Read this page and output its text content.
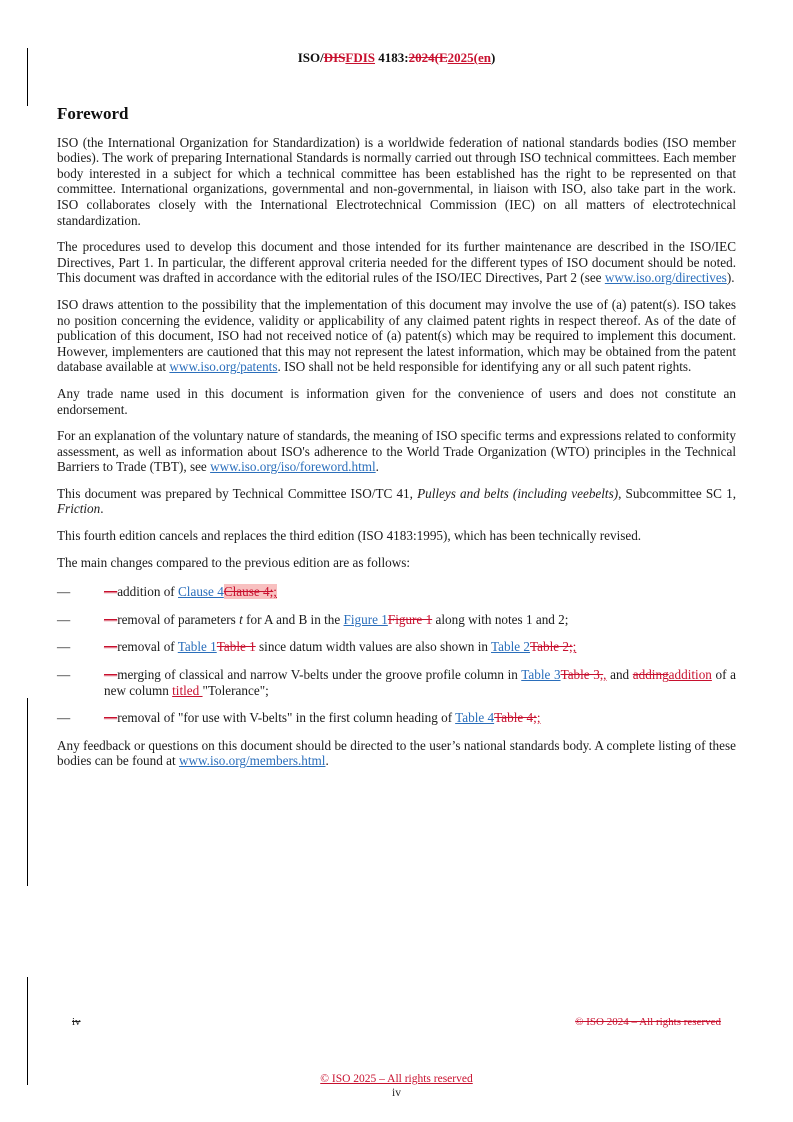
ISO/DISFDIS 4183:2024(E2025(en)
Foreword

ISO (the International Organization for Standardization) is a worldwide federation of national standards bodies (ISO member bodies). The work of preparing International Standards is normally carried out through ISO technical committees. Each member body interested in a subject for which a technical committee has been established has the right to be represented on that committee. International organizations, governmental and non-governmental, in liaison with ISO, also take part in the work. ISO collaborates closely with the International Electrotechnical Commission (IEC) on all matters of electrotechnical standardization.

The procedures used to develop this document and those intended for its further maintenance are described in the ISO/IEC Directives, Part 1. In particular, the different approval criteria needed for the different types of ISO document should be noted. This document was drafted in accordance with the editorial rules of the ISO/IEC Directives, Part 2 (see www.iso.org/directives).

ISO draws attention to the possibility that the implementation of this document may involve the use of (a) patent(s). ISO takes no position concerning the evidence, validity or applicability of any claimed patent rights in respect thereof. As of the date of publication of this document, ISO had not received notice of (a) patent(s) which may be required to implement this document. However, implementers are cautioned that this may not represent the latest information, which may be obtained from the patent database available at www.iso.org/patents. ISO shall not be held responsible for identifying any or all such patent rights.

Any trade name used in this document is information given for the convenience of users and does not constitute an endorsement.

For an explanation of the voluntary nature of standards, the meaning of ISO specific terms and expressions related to conformity assessment, as well as information about ISO's adherence to the World Trade Organization (WTO) principles in the Technical Barriers to Trade (TBT), see www.iso.org/iso/foreword.html.

This document was prepared by Technical Committee ISO/TC 41, Pulleys and belts (including veebelts), Subcommittee SC 1, Friction.

This fourth edition cancels and replaces the third edition (ISO 4183:1995), which has been technically revised.

The main changes compared to the previous edition are as follows:

—	—addition of Clause 4Clause 4;;
—	—removal of parameters t for A and B in the Figure 1Figure 1 along with notes 1 and 2;
—	—removal of Table 1Table 1 since datum width values are also shown in Table 2Table 2;;
—	—merging of classical and narrow V-belts under the groove profile column in Table 3Table 3,, and addingaddition of a new column titled "Tolerance";
—	—removal of "for use with V-belts" in the first column heading of Table 4Table 4;;

Any feedback or questions on this document should be directed to the user’s national standards body. A complete listing of these bodies can be found at www.iso.org/members.html.

iv	© ISO 2024 – All rights reserved
© ISO 2025 – All rights reserved
iv
